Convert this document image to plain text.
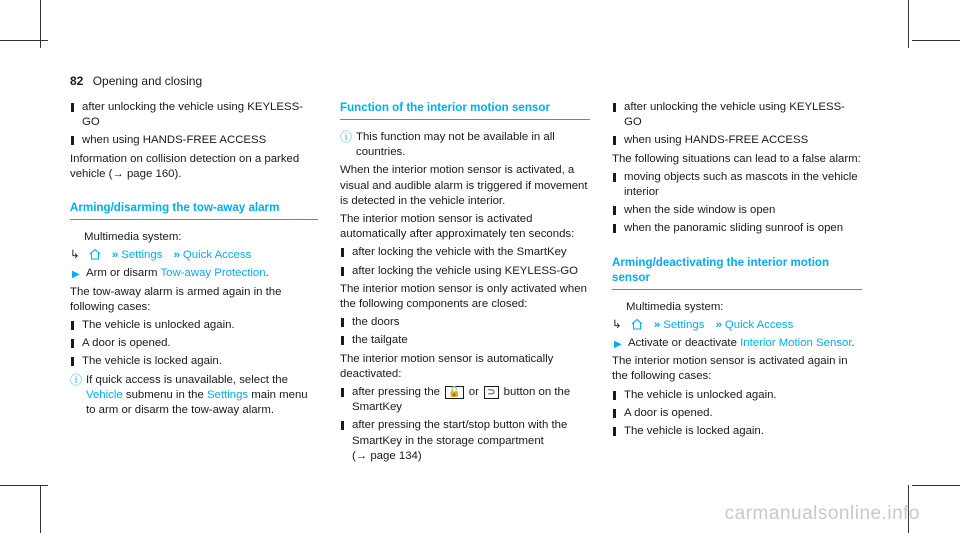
82 Opening and closing
after unlocking the vehicle using KEYLESS-GO
when using HANDS-FREE ACCESS

Information on collision detection on a parked vehicle (→ page 160).

Arming/disarming the tow-away alarm

Multimedia system:

↳	» Settings » Quick Access

▶ Arm or disarm Tow-away Protection.

The tow-away alarm is armed again in the following cases:

The vehicle is unlocked again.
A door is opened.
The vehicle is locked again.

ⓘ If quick access is unavailable, select the Vehicle submenu in the Settings main menu to arm or disarm the tow-away alarm.

Function of the interior motion sensor

ⓘ This function may not be available in all countries.

When the interior motion sensor is activated, a visual and audible alarm is triggered if movement is detected in the vehicle interior.

The interior motion sensor is activated automatically after approximately ten seconds:

after locking the vehicle with the SmartKey
after locking the vehicle using KEYLESS-GO

The interior motion sensor is only activated when the following components are closed:

the doors
the tailgate

The interior motion sensor is automatically deactivated:

after pressing the 🔓 or ⊃ button on the SmartKey
after pressing the start/stop button with the SmartKey in the storage compartment
(→ page 134)
after unlocking the vehicle using KEYLESS-GO
when using HANDS-FREE ACCESS

The following situations can lead to a false alarm:

moving objects such as mascots in the vehicle interior
when the side window is open
when the panoramic sliding sunroof is open
Arming/deactivating the interior motion sensor

Multimedia system:

↳	» Settings » Quick Access

▶ Activate or deactivate Interior Motion Sensor.

The interior motion sensor is activated again in the following cases:

The vehicle is unlocked again.
A door is opened.
The vehicle is locked again.
carmanualsonline.info
